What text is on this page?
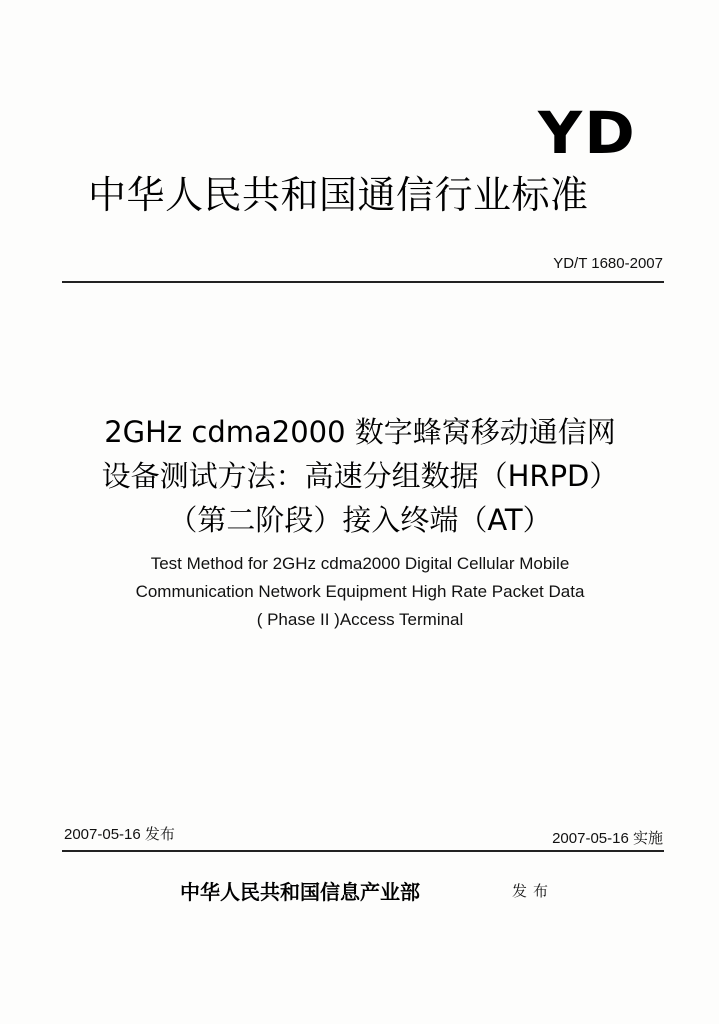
YD
中华人民共和国通信行业标准
YD/T 1680-2007
2GHz cdma2000 数字蜂窝移动通信网
设备测试方法：高速分组数据（HRPD）
（第二阶段）接入终端（AT）
Test Method for 2GHz cdma2000 Digital Cellular Mobile
Communication Network Equipment High Rate Packet Data
( Phase II )Access Terminal
2007-05-16 发布	2007-05-16 实施
中华人民共和国信息产业部	发布
